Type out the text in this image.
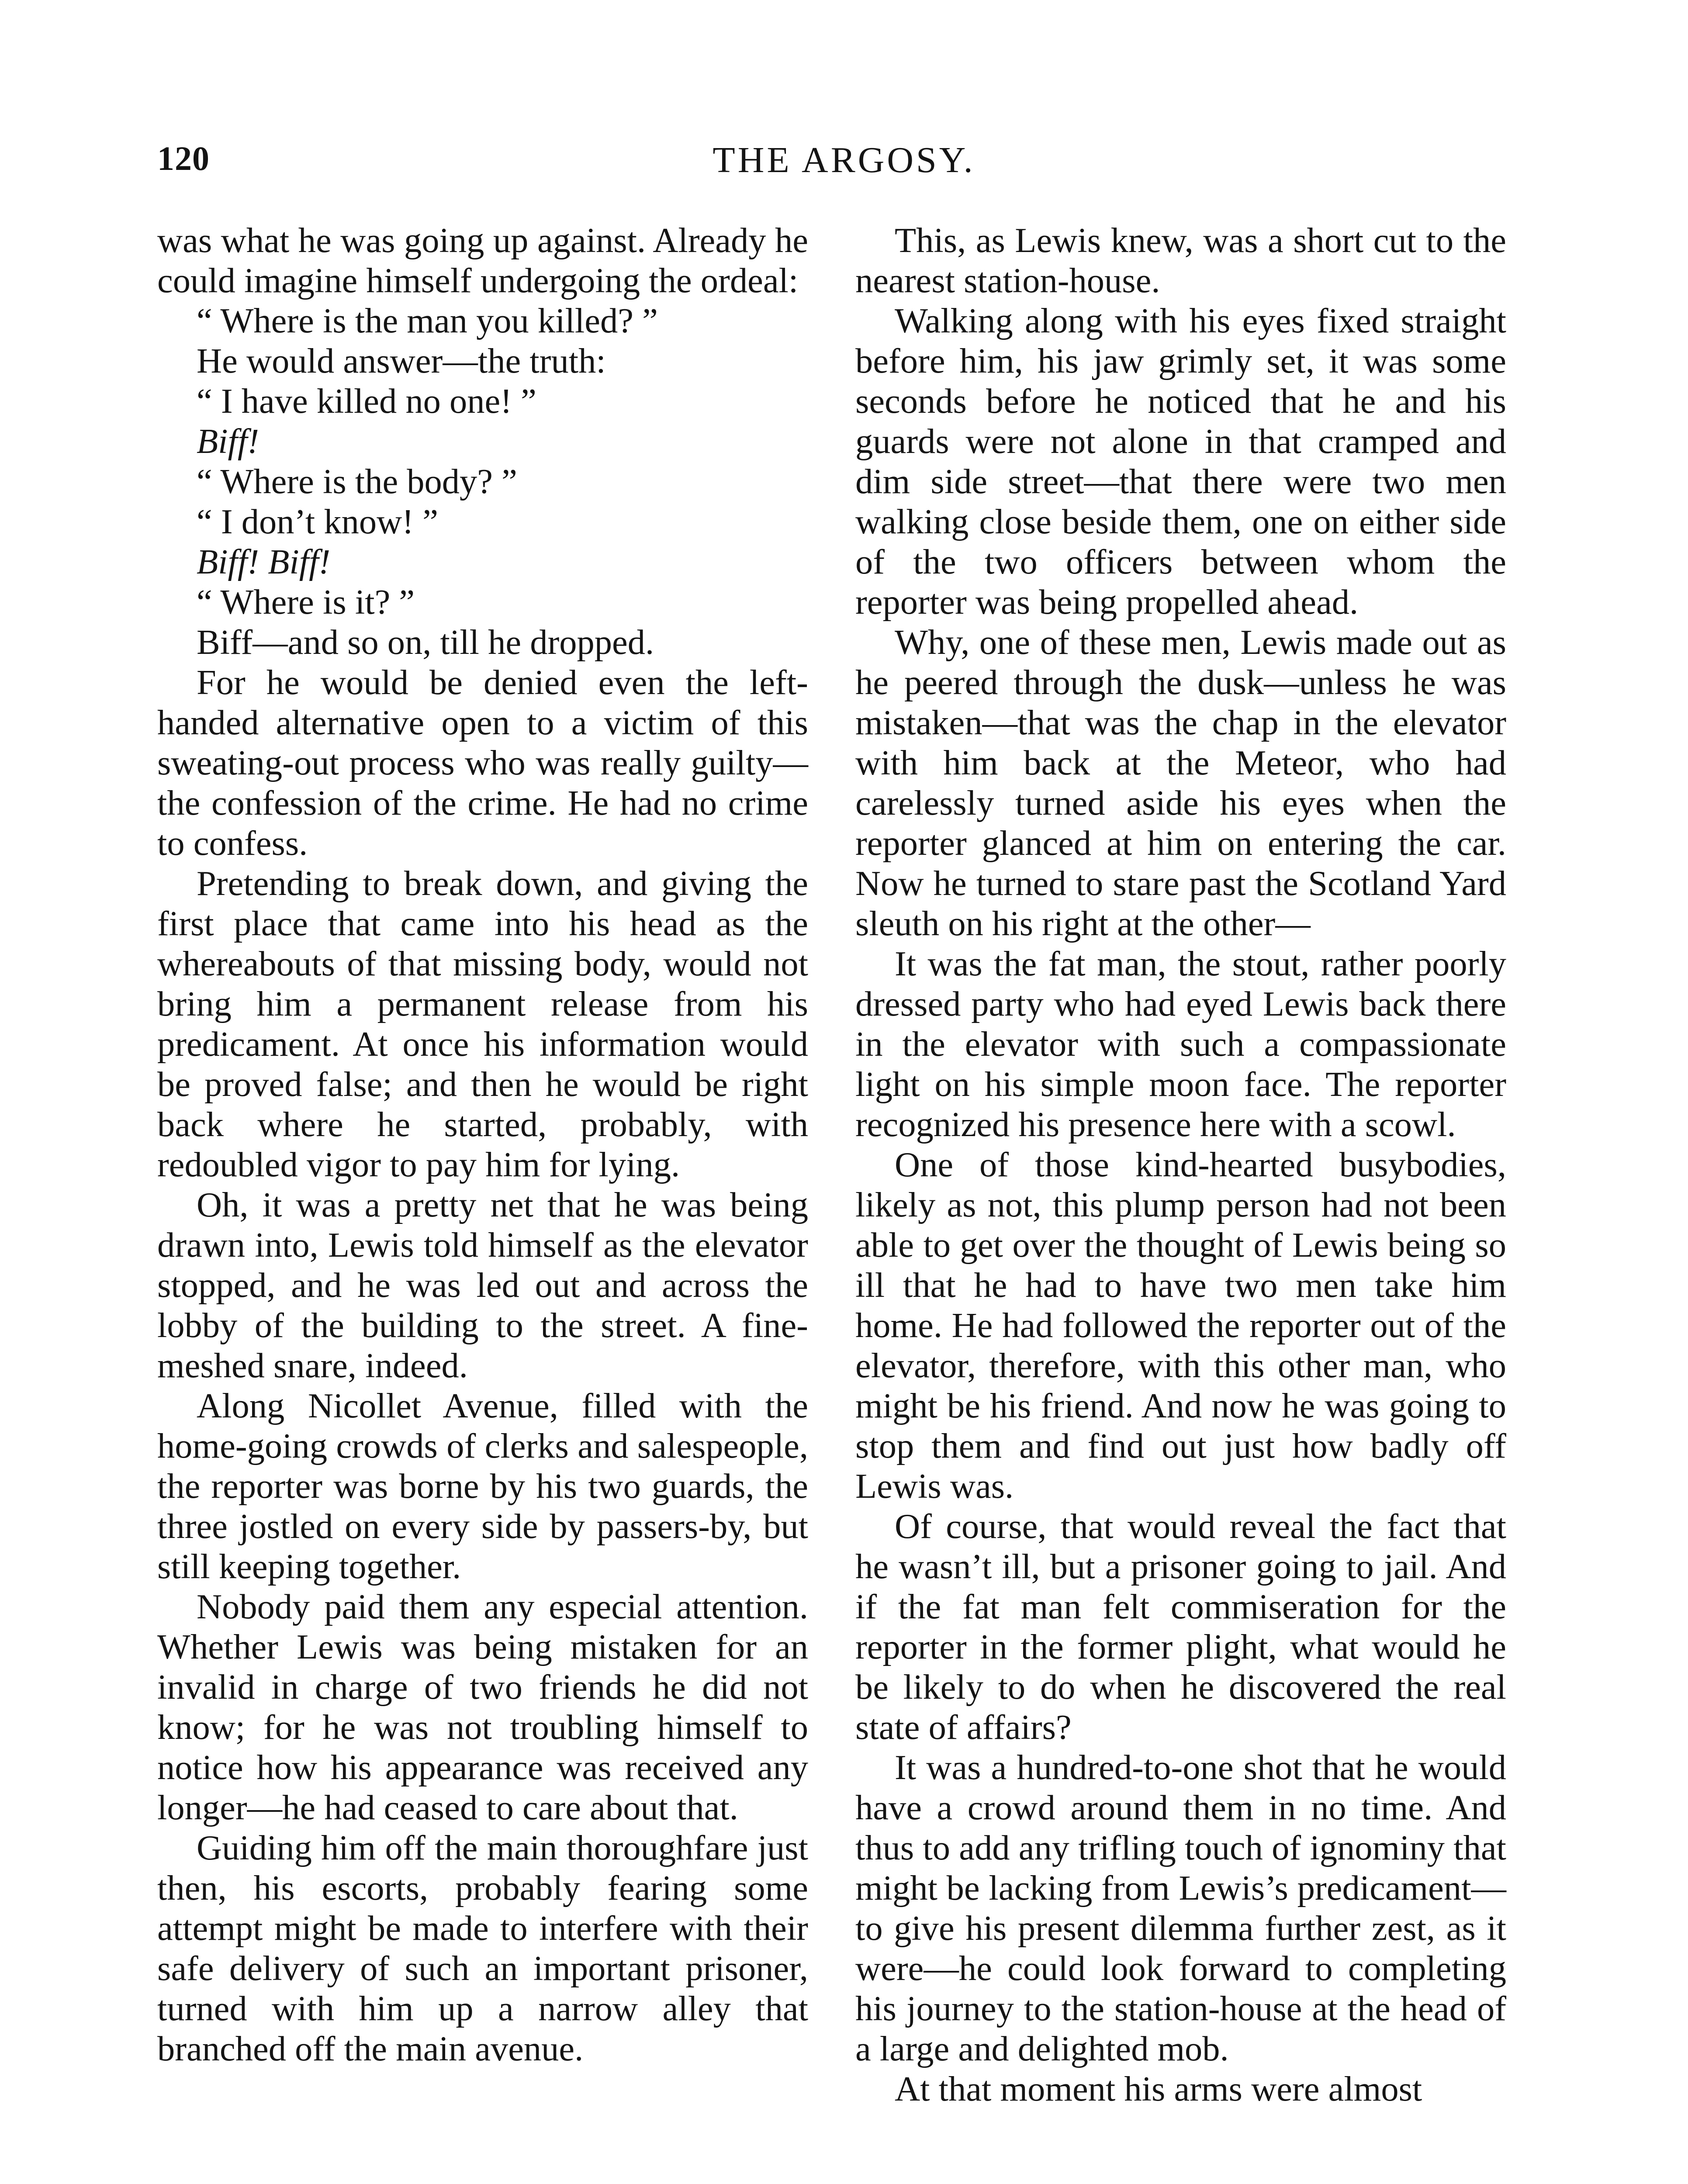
120	THE ARGOSY.

was what he was going up against. Already he could imagine himself undergoing the ordeal:

“ Where is the man you killed? ”

He would answer—the truth:

“ I have killed no one! ”

Biff!

“ Where is the body? ”

“ I don’t know! ”

Biff! Biff!

“ Where is it? ”

Biff—and so on, till he dropped.

For he would be denied even the left-handed alternative open to a victim of this sweating-out process who was really guilty—the confession of the crime. He had no crime to confess.

Pretending to break down, and giving the first place that came into his head as the whereabouts of that missing body, would not bring him a permanent release from his predicament. At once his information would be proved false; and then he would be right back where he started, probably, with redoubled vigor to pay him for lying.

Oh, it was a pretty net that he was being drawn into, Lewis told himself as the elevator stopped, and he was led out and across the lobby of the building to the street. A fine-meshed snare, indeed.

Along Nicollet Avenue, filled with the home-going crowds of clerks and salespeople, the reporter was borne by his two guards, the three jostled on every side by passers-by, but still keeping together.

Nobody paid them any especial attention. Whether Lewis was being mistaken for an invalid in charge of two friends he did not know; for he was not troubling himself to notice how his appearance was received any longer—he had ceased to care about that.

Guiding him off the main thoroughfare just then, his escorts, probably fearing some attempt might be made to interfere with their safe delivery of such an important prisoner, turned with him up a narrow alley that branched off the main avenue.

This, as Lewis knew, was a short cut to the nearest station-house.

Walking along with his eyes fixed straight before him, his jaw grimly set, it was some seconds before he noticed that he and his guards were not alone in that cramped and dim side street—that there were two men walking close beside them, one on either side of the two officers between whom the reporter was being propelled ahead.

Why, one of these men, Lewis made out as he peered through the dusk—unless he was mistaken—that was the chap in the elevator with him back at the Meteor, who had carelessly turned aside his eyes when the reporter glanced at him on entering the car. Now he turned to stare past the Scotland Yard sleuth on his right at the other—

It was the fat man, the stout, rather poorly dressed party who had eyed Lewis back there in the elevator with such a compassionate light on his simple moon face. The reporter recognized his presence here with a scowl.

One of those kind-hearted busybodies, likely as not, this plump person had not been able to get over the thought of Lewis being so ill that he had to have two men take him home. He had followed the reporter out of the elevator, therefore, with this other man, who might be his friend. And now he was going to stop them and find out just how badly off Lewis was.

Of course, that would reveal the fact that he wasn’t ill, but a prisoner going to jail. And if the fat man felt commiseration for the reporter in the former plight, what would he be likely to do when he discovered the real state of affairs?

It was a hundred-to-one shot that he would have a crowd around them in no time. And thus to add any trifling touch of ignominy that might be lacking from Lewis’s predicament—to give his present dilemma further zest, as it were—he could look forward to completing his journey to the station-house at the head of a large and delighted mob.

At that moment his arms were almost
